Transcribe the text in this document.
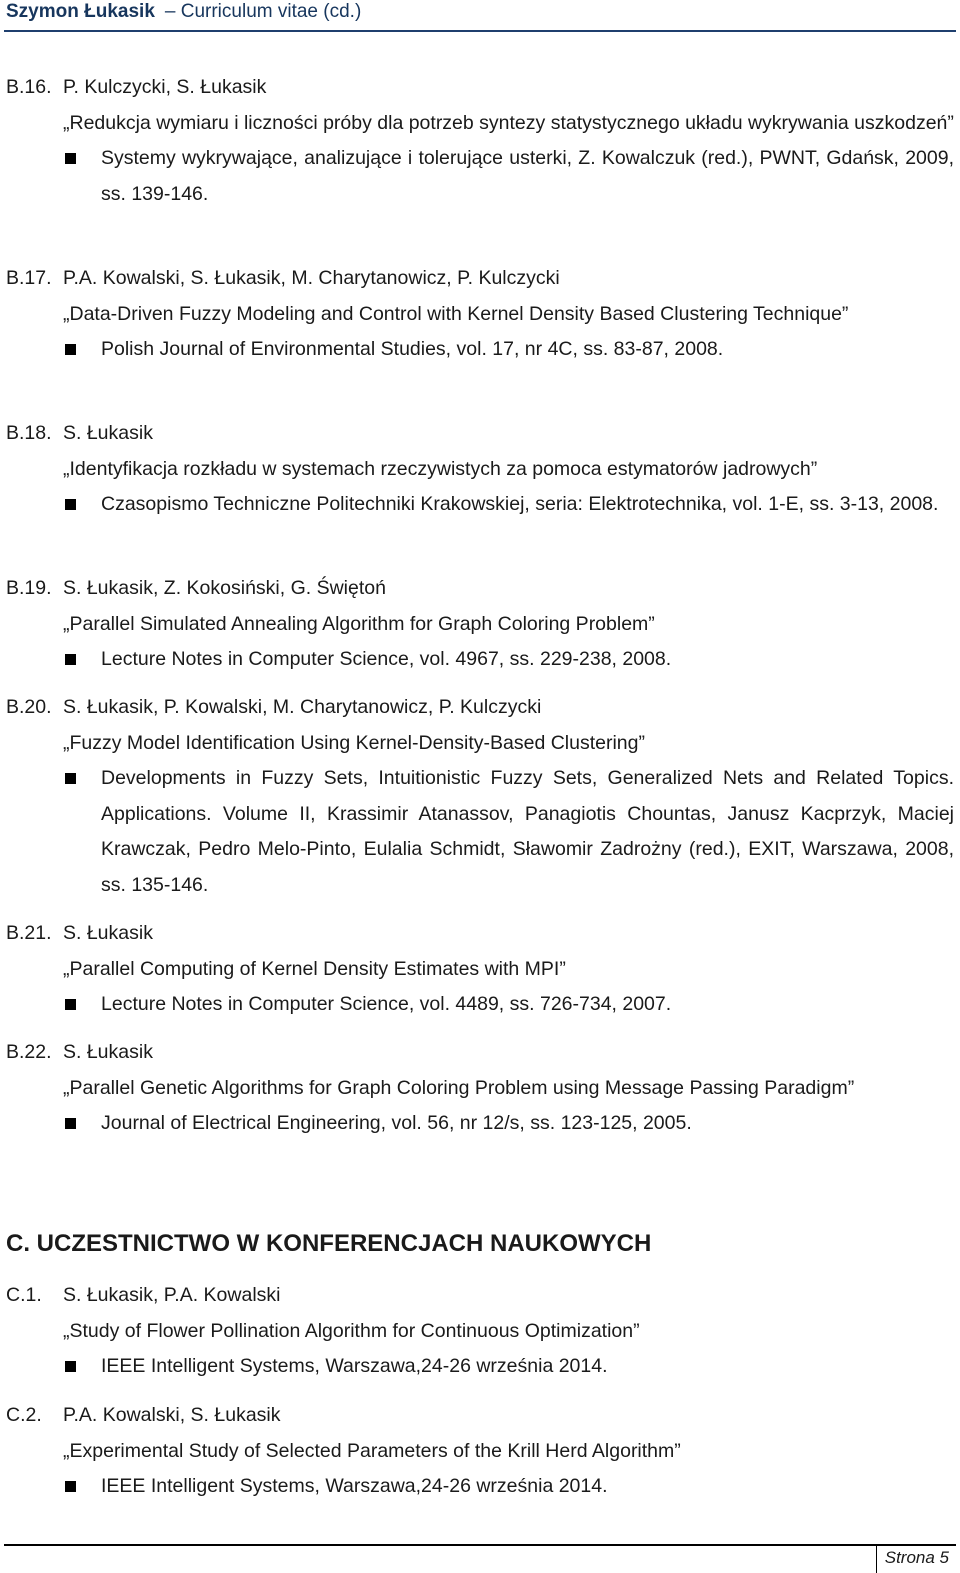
Szymon Łukasik – Curriculum vitae (cd.)
B.16. P. Kulczycki, S. Łukasik
„Redukcja wymiaru i liczności próby dla potrzeb syntezy statystycznego układu wykrywania uszkodzeń”
Systemy wykrywające, analizujące i tolerujące usterki, Z. Kowalczuk (red.), PWNT, Gdańsk, 2009, ss. 139-146.
B.17. P.A. Kowalski, S. Łukasik, M. Charytanowicz, P. Kulczycki
„Data-Driven Fuzzy Modeling and Control with Kernel Density Based Clustering Technique”
Polish Journal of Environmental Studies, vol. 17, nr 4C, ss. 83-87, 2008.
B.18. S. Łukasik
„Identyfikacja rozkładu w systemach rzeczywistych za pomoca estymatorów jadrowych”
Czasopismo Techniczne Politechniki Krakowskiej, seria: Elektrotechnika, vol. 1-E, ss. 3-13, 2008.
B.19. S. Łukasik, Z. Kokosiński, G. Świętoń
„Parallel Simulated Annealing Algorithm for Graph Coloring Problem”
Lecture Notes in Computer Science, vol. 4967, ss. 229-238, 2008.
B.20. S. Łukasik, P. Kowalski, M. Charytanowicz, P. Kulczycki
„Fuzzy Model Identification Using Kernel-Density-Based Clustering”
Developments in Fuzzy Sets, Intuitionistic Fuzzy Sets, Generalized Nets and Related Topics. Applications. Volume II, Krassimir Atanassov, Panagiotis Chountas, Janusz Kacprzyk, Maciej Krawczak, Pedro Melo-Pinto, Eulalia Schmidt, Sławomir Zadrożny (red.), EXIT, Warszawa, 2008, ss. 135-146.
B.21. S. Łukasik
„Parallel Computing of Kernel Density Estimates with MPI”
Lecture Notes in Computer Science, vol. 4489, ss. 726-734, 2007.
B.22. S. Łukasik
„Parallel Genetic Algorithms for Graph Coloring Problem using Message Passing Paradigm”
Journal of Electrical Engineering, vol. 56, nr 12/s, ss. 123-125, 2005.
C. UCZESTNICTWO W KONFERENCJACH NAUKOWYCH
C.1.	S. Łukasik, P.A. Kowalski
„Study of Flower Pollination Algorithm for Continuous Optimization”
IEEE Intelligent Systems, Warszawa,24-26 września 2014.
C.2.	P.A. Kowalski, S. Łukasik
„Experimental Study of Selected Parameters of the Krill Herd Algorithm”
IEEE Intelligent Systems, Warszawa,24-26 września 2014.
Strona 5
